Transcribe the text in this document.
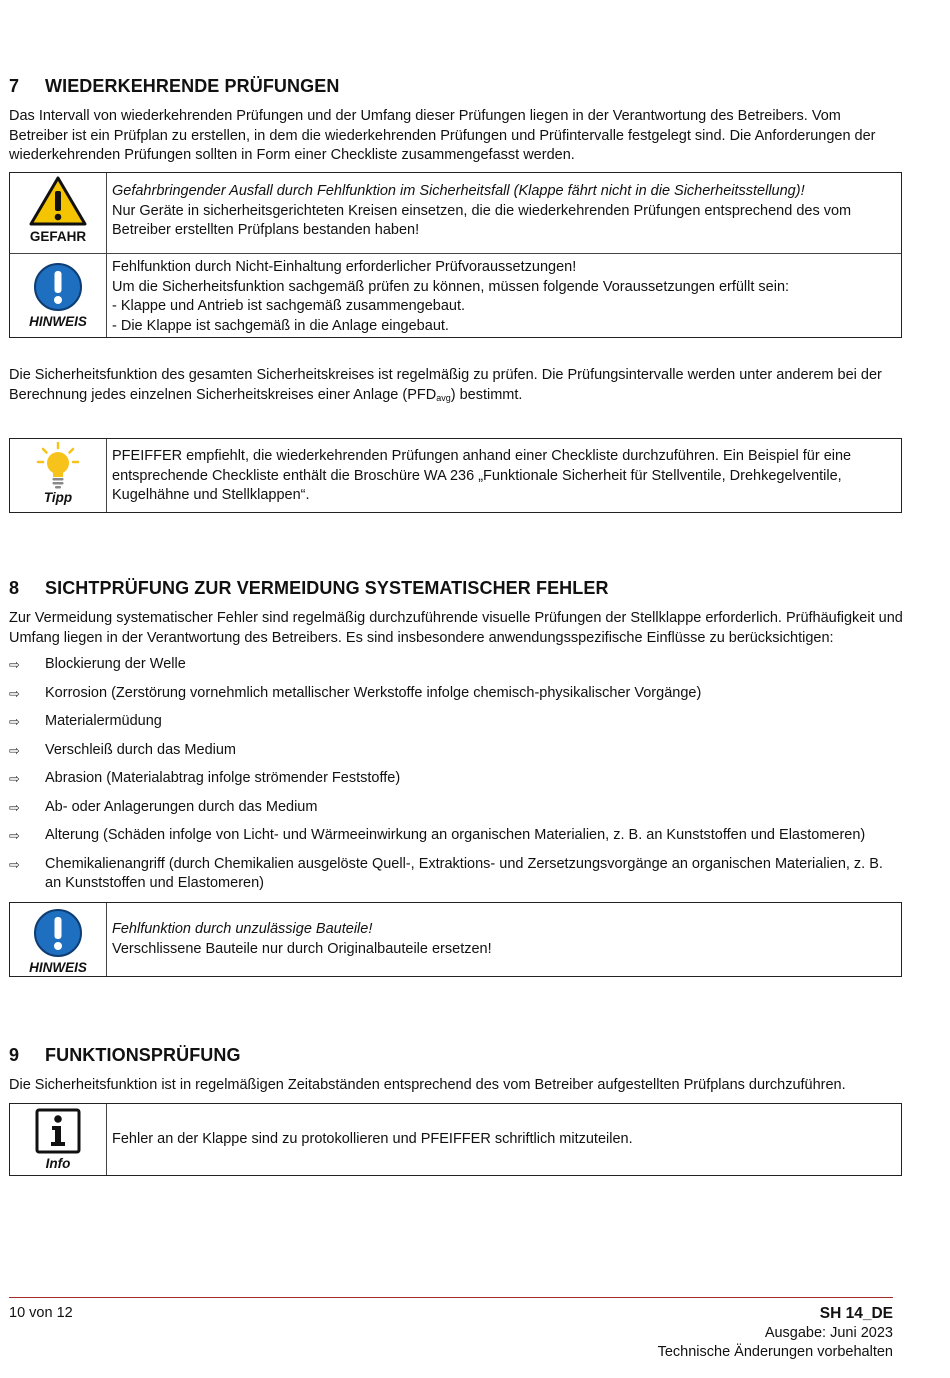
7	WIEDERKEHRENDE PRÜFUNGEN

Das Intervall von wiederkehrenden Prüfungen und der Umfang dieser Prüfungen liegen in der Verantwortung des Betreibers. Vom Betreiber ist ein Prüfplan zu erstellen, in dem die wiederkehrenden Prüfungen und Prüfintervalle festgelegt sind. Die Anforderungen der wiederkehrenden Prüfungen sollten in Form einer Checkliste zusammengefasst werden.

GEFAHR
Gefahrbringender Ausfall durch Fehlfunktion im Sicherheitsfall (Klappe fährt nicht in die Sicherheitsstellung)!
Nur Geräte in sicherheitsgerichteten Kreisen einsetzen, die die wiederkehrenden Prüfungen entsprechend des vom Betreiber erstellten Prüfplans bestanden haben!
HINWEIS
Fehlfunktion durch Nicht-Einhaltung erforderlicher Prüfvoraussetzungen!
Um die Sicherheitsfunktion sachgemäß prüfen zu können, müssen folgende Voraussetzungen erfüllt sein:
- Klappe und Antrieb ist sachgemäß zusammengebaut.
- Die Klappe ist sachgemäß in die Anlage eingebaut.

Die Sicherheitsfunktion des gesamten Sicherheitskreises ist regelmäßig zu prüfen. Die Prüfungsintervalle werden unter anderem bei der Berechnung jedes einzelnen Sicherheitskreises einer Anlage $(PFD_{avg})$ bestimmt.

Tipp
PFEIFFER empfiehlt, die wiederkehrenden Prüfungen anhand einer Checkliste durchzuführen. Ein Beispiel für eine entsprechende Checkliste enthält die Broschüre WA 236 „Funktionale Sicherheit für Stellventile, Drehkegelventile, Kugelhähne und Stellklappen“.
8	SICHTPRÜFUNG ZUR VERMEIDUNG SYSTEMATISCHER FEHLER

Zur Vermeidung systematischer Fehler sind regelmäßig durchzuführende visuelle Prüfungen der Stellklappe erforderlich. Prüfhäufigkeit und Umfang liegen in der Verantwortung des Betreibers. Es sind insbesondere anwendungsspezifische Einflüsse zu berücksichtigen:

⇨	Blockierung der Welle
⇨	Korrosion (Zerstörung vornehmlich metallischer Werkstoffe infolge chemisch-physikalischer Vorgänge)
⇨	Materialermüdung
⇨	Verschleiß durch das Medium
⇨	Abrasion (Materialabtrag infolge strömender Feststoffe)
⇨	Ab- oder Anlagerungen durch das Medium
⇨	Alterung (Schäden infolge von Licht- und Wärmeeinwirkung an organischen Materialien, z. B. an Kunststoffen und Elastomeren)
⇨	Chemikalienangriff (durch Chemikalien ausgelöste Quell-, Extraktions- und Zersetzungsvorgänge an organischen Materialien, z. B. an Kunststoffen und Elastomeren)
HINWEIS
Fehlfunktion durch unzulässige Bauteile!
Verschlissene Bauteile nur durch Originalbauteile ersetzen!
9	FUNKTIONSPRÜFUNG

Die Sicherheitsfunktion ist in regelmäßigen Zeitabständen entsprechend des vom Betreiber aufgestellten Prüfplans durchzuführen.

Info
Fehler an der Klappe sind zu protokollieren und PFEIFFER schriftlich mitzuteilen.
10 von 12	SH 14_DE
Ausgabe: Juni 2023
Technische Änderungen vorbehalten
